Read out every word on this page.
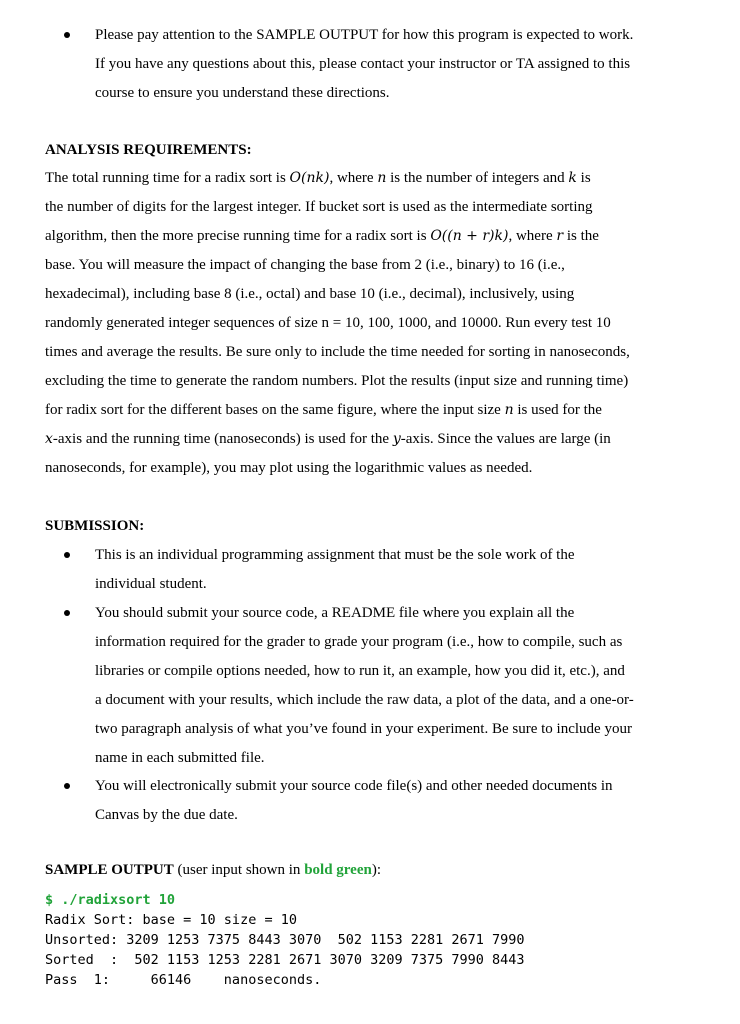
Please pay attention to the SAMPLE OUTPUT for how this program is expected to work.
If you have any questions about this, please contact your instructor or TA assigned to this
course to ensure you understand these directions.
ANALYSIS REQUIREMENTS:
The total running time for a radix sort is O(nk), where n is the number of integers and k is
the number of digits for the largest integer. If bucket sort is used as the intermediate sorting
algorithm, then the more precise running time for a radix sort is O((n + r)k), where r is the
base. You will measure the impact of changing the base from 2 (i.e., binary) to 16 (i.e.,
hexadecimal), including base 8 (i.e., octal) and base 10 (i.e., decimal), inclusively, using
randomly generated integer sequences of size n = 10, 100, 1000, and 10000. Run every test 10
times and average the results. Be sure only to include the time needed for sorting in nanoseconds,
excluding the time to generate the random numbers. Plot the results (input size and running time)
for radix sort for the different bases on the same figure, where the input size n is used for the
x-axis and the running time (nanoseconds) is used for the y-axis. Since the values are large (in
nanoseconds, for example), you may plot using the logarithmic values as needed.
SUBMISSION:
This is an individual programming assignment that must be the sole work of the
individual student.
You should submit your source code, a README file where you explain all the
information required for the grader to grade your program (i.e., how to compile, such as
libraries or compile options needed, how to run it, an example, how you did it, etc.), and
a document with your results, which include the raw data, a plot of the data, and a one-or-
two paragraph analysis of what you’ve found in your experiment. Be sure to include your
name in each submitted file.
You will electronically submit your source code file(s) and other needed documents in
Canvas by the due date.
SAMPLE OUTPUT (user input shown in bold green):
$ ./radixsort 10
Radix Sort: base = 10 size = 10
Unsorted: 3209 1253 7375 8443 3070  502 1153 2281 2671 7990
Sorted  :  502 1153 1253 2281 2671 3070 3209 7375 7990 8443
Pass  1:     66146    nanoseconds.
